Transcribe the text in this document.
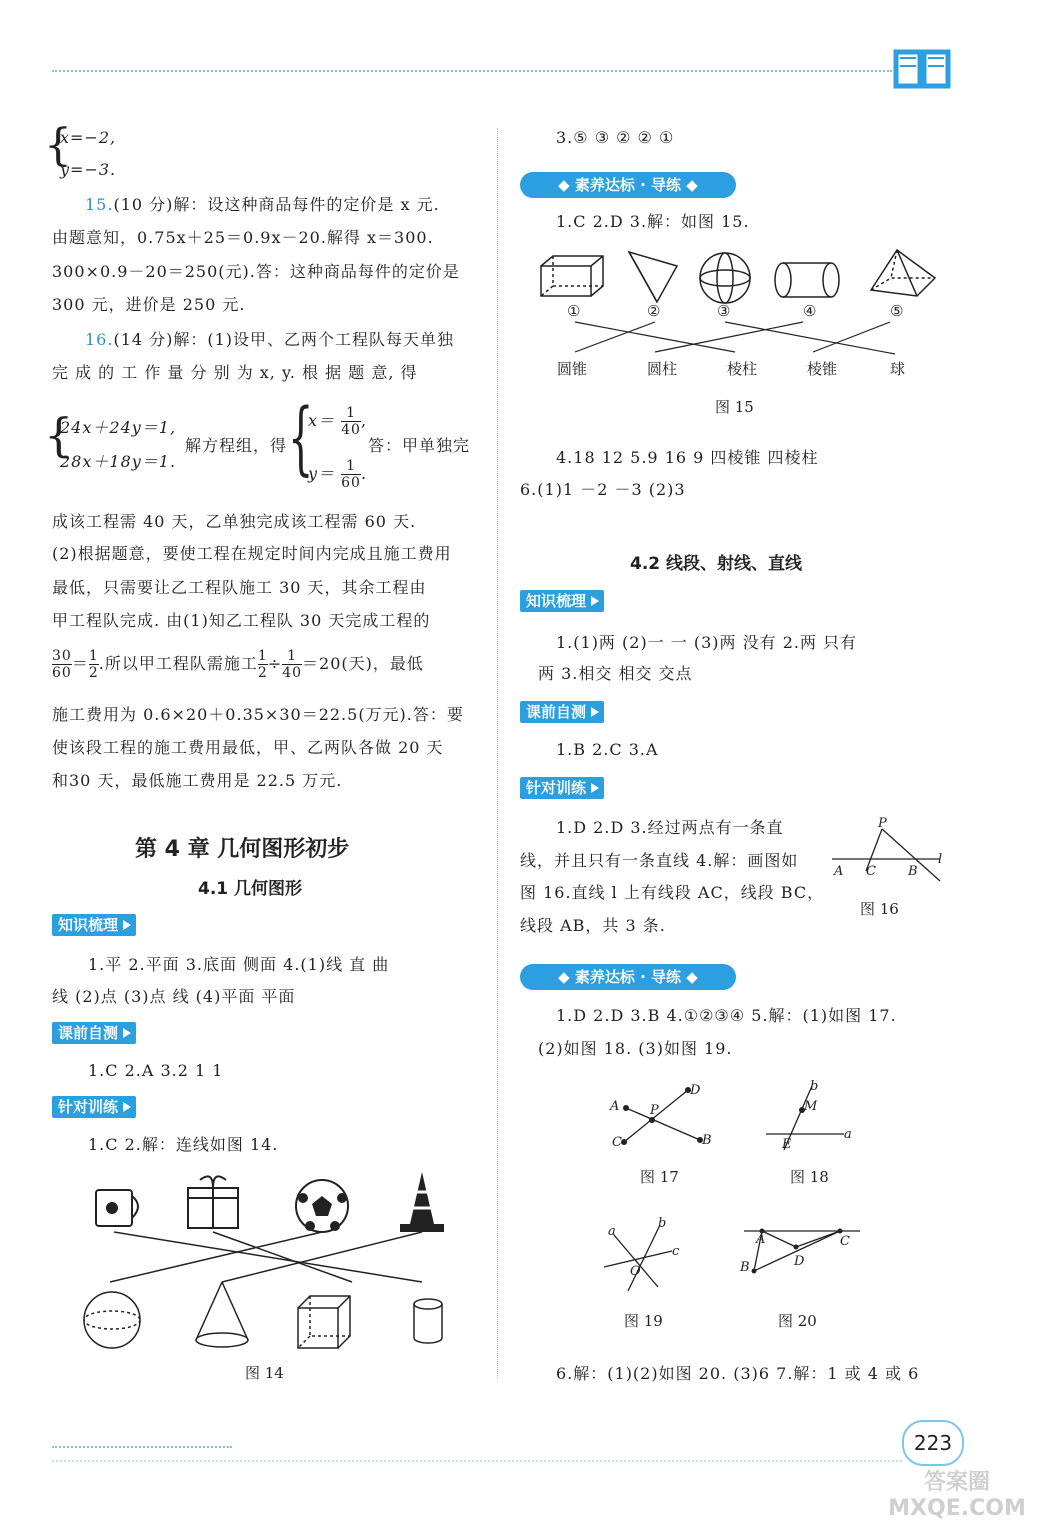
{
x=−2,
y=−3.
15.(10 分)解：设这种商品每件的定价是 x 元.
由题意知，0.75x＋25＝0.9x－20.解得 x＝300.
300×0.9－20＝250(元).答：这种商品每件的定价是
300 元，进价是 250 元.
16.(14 分)解：(1)设甲、乙两个工程队每天单独
完 成 的 工 作 量 分 别 为 x, y. 根 据 题 意, 得
{
24x＋24y＝1,
28x＋18y＝1.
解方程组，得 {
$x= \frac{1}{40}$ ,
$y= \frac{1}{60}$ .
答：甲单独完
成该工程需 40 天，乙单独完成该工程需 60 天.
(2)根据题意，要使工程在规定时间内完成且施工费用
最低，只需要让乙工程队施工 30 天，其余工程由
甲工程队完成. 由(1)知乙工程队 30 天完成工程的
$\frac{30}{60} = \frac{1}{2}$ .所以甲工程队需施工 $\frac{1}{2} \div \frac{1}{40} =20$(天)，最低
施工费用为 0.6×20＋0.35×30＝22.5(万元).答：要
使该段工程的施工费用最低，甲、乙两队各做 20 天
和30 天，最低施工费用是 22.5 万元.
第 4 章 几何图形初步
4.1 几何图形
知识梳理
1.平 2.平面 3.底面 侧面 4.(1)线 直 曲
线 (2)点 (3)点 线 (4)平面 平面
课前自测
1.C 2.A 3.2 1 1
针对训练
1.C 2.解：连线如图 14.
图 14
3.⑤ ③ ② ② ①
◆ 素养达标 · 导练 ◆
1.C 2.D 3.解：如图 15.
①	②	③	④	⑤
圆锥	圆柱	棱柱	棱锥	球
图 15
4.18 12 5.9 16 9 四棱锥 四棱柱
6.(1)1 －2 －3 (2)3
4.2 线段、射线、直线
知识梳理
1.(1)两 (2)一 一 (3)两 没有 2.两 只有
两 3.相交 相交 交点
课前自测
1.B 2.C 3.A
针对训练
1.D 2.D 3.经过两点有一条直
线，并且只有一条直线 4.解：画图如
图 16.直线 l 上有线段 AC，线段 BC，
线段 AB，共 3 条.
P
A C B
l
图 16
◆ 素养达标 · 导练 ◆
1.D 2.D 3.B 4.①②③④ 5.解：(1)如图 17.
(2)如图 18. (3)如图 19.
A
D
P
C	B
图 17
b
M
E
a
图 18
a
b
c
O
图 19
A	C
B	D
图 20
6.解：(1)(2)如图 20. (3)6 7.解：1 或 4 或 6
223
答案圈 MXQE.COM
